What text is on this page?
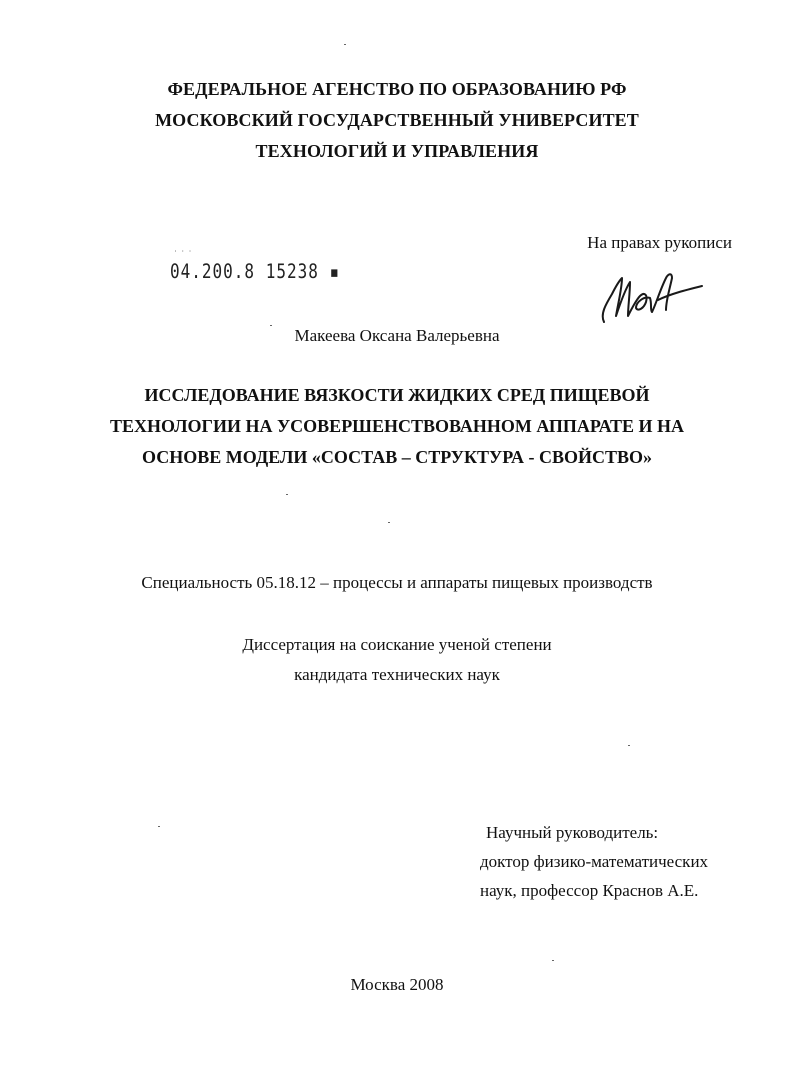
ФЕДЕРАЛЬНОЕ АГЕНСТВО ПО ОБРАЗОВАНИЮ РФ

МОСКОВСКИЙ ГОСУДАРСТВЕННЫЙ УНИВЕРСИТЕТ

ТЕХНОЛОГИЙ И УПРАВЛЕНИЯ

На правах рукописи
˙ ˙ ˙
04.200.8 15238 ▪
Макеева Оксана Валерьевна

ИССЛЕДОВАНИЕ ВЯЗКОСТИ ЖИДКИХ СРЕД ПИЩЕВОЙ

ТЕХНОЛОГИИ НА УСОВЕРШЕНСТВОВАННОМ АППАРАТЕ И НА

ОСНОВЕ МОДЕЛИ «СОСТАВ – СТРУКТУРА - СВОЙСТВО»

Специальность 05.18.12 – процессы и аппараты пищевых производств

Диссертация на соискание ученой степени

кандидата технических наук

Научный руководитель:

доктор физико-математических

наук, профессор Краснов А.Е.

Москва 2008
